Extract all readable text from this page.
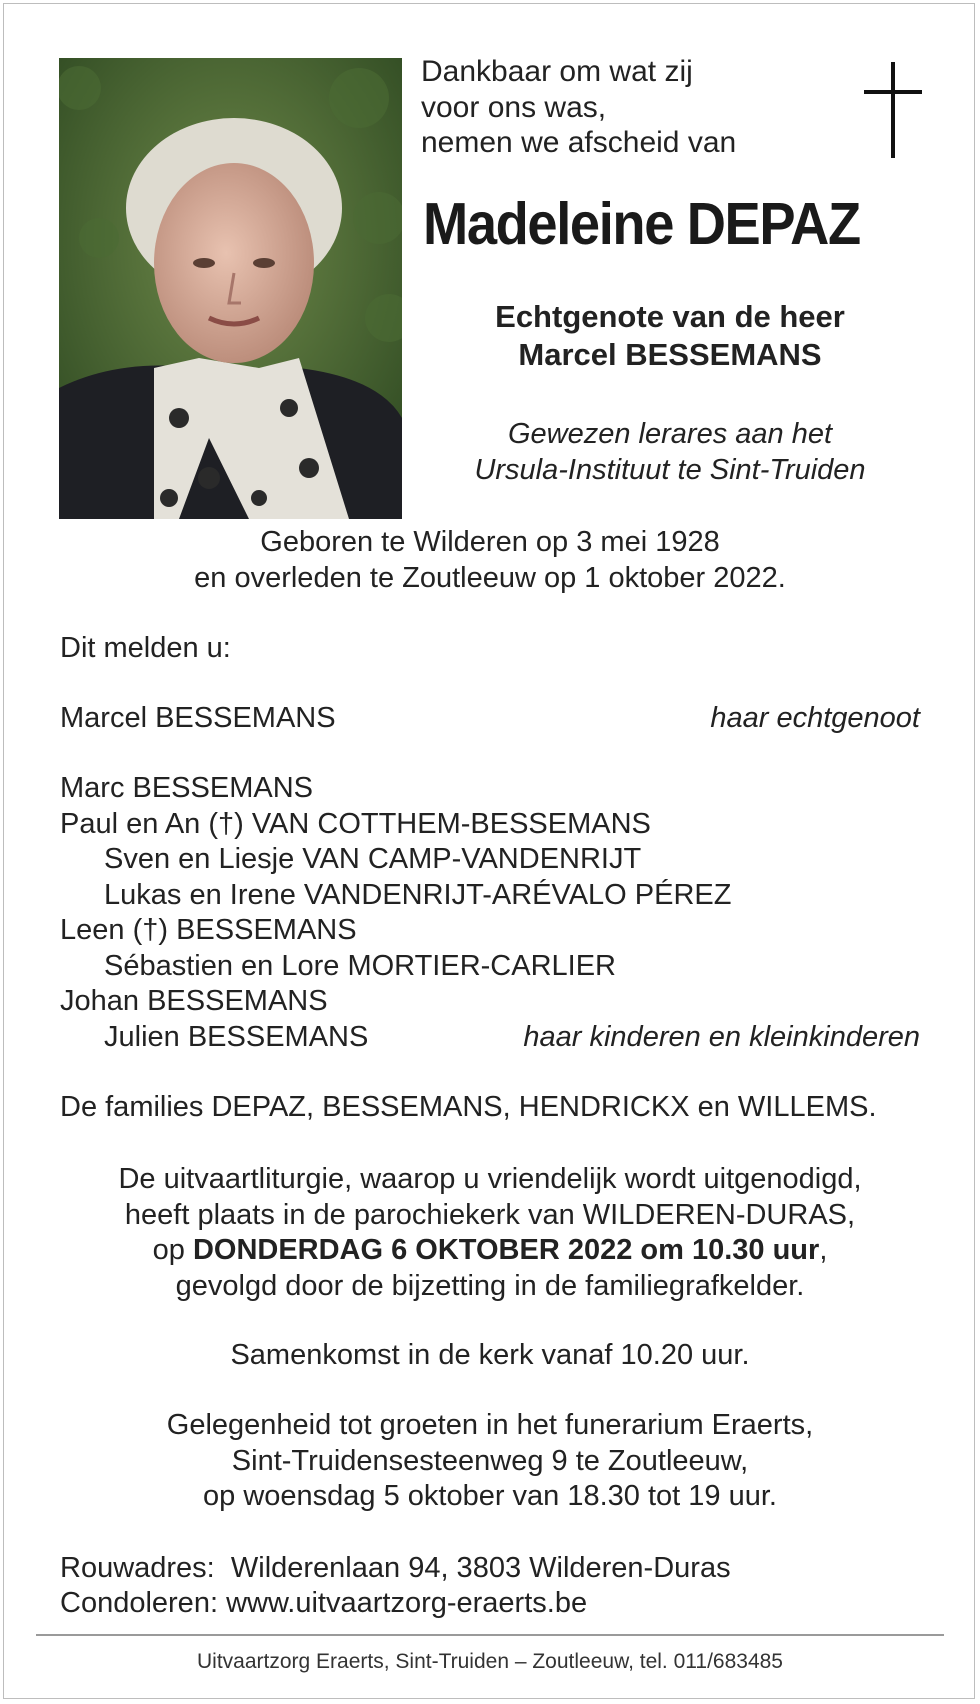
Dankbaar om wat zij
voor ons was,
nemen we afscheid van
Madeleine DEPAZ
Echtgenote van de heer
Marcel BESSEMANS
Gewezen lerares aan het
Ursula-Instituut te Sint-Truiden
Geboren te Wilderen op 3 mei 1928
en overleden te Zoutleeuw op 1 oktober 2022.
Dit melden u:
Marcel BESSEMANS	haar echtgenoot
Marc BESSEMANS
Paul en An (†) VAN COTTHEM-BESSEMANS
Sven en Liesje VAN CAMP-VANDENRIJT
Lukas en Irene VANDENRIJT-ARÉVALO PÉREZ
Leen (†) BESSEMANS
Sébastien en Lore MORTIER-CARLIER
Johan BESSEMANS
Julien BESSEMANS	haar kinderen en kleinkinderen
De families DEPAZ, BESSEMANS, HENDRICKX en WILLEMS.
De uitvaartliturgie, waarop u vriendelijk wordt uitgenodigd,
heeft plaats in de parochiekerk van WILDEREN-DURAS,
op DONDERDAG 6 OKTOBER 2022 om 10.30 uur,
gevolgd door de bijzetting in de familiegrafkelder.
Samenkomst in de kerk vanaf 10.20 uur.
Gelegenheid tot groeten in het funerarium Eraerts,
Sint-Truidensesteenweg 9 te Zoutleeuw,
op woensdag 5 oktober van 18.30 tot 19 uur.
Rouwadres: Wilderenlaan 94, 3803 Wilderen-Duras
Condoleren: www.uitvaartzorg-eraerts.be
Uitvaartzorg Eraerts, Sint-Truiden – Zoutleeuw, tel. 011/683485
